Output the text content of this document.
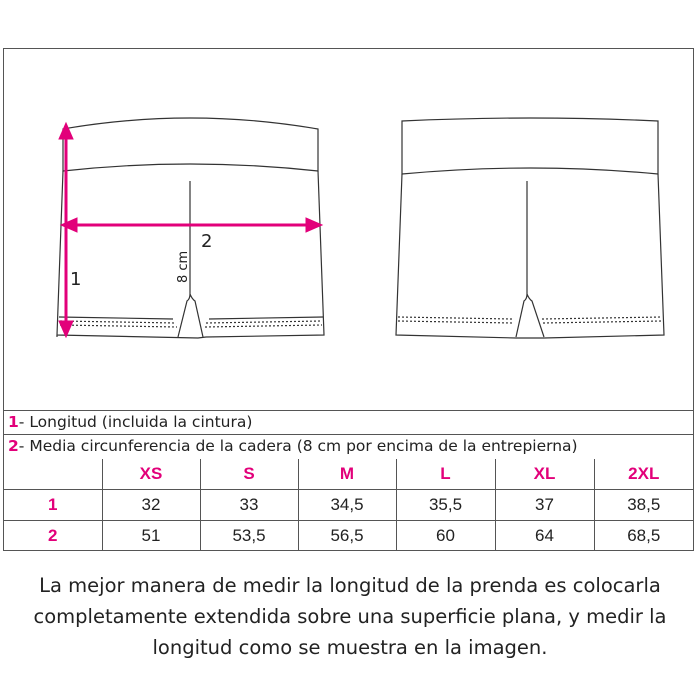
1
2
8 cm
1- Longitud (incluida la cintura)
2- Media circunferencia de la cadera (8 cm por encima de la entrepierna)
	XS	S	M	L	XL	2XL
1	32	33	34,5	35,5	37	38,5
2	51	53,5	56,5	60	64	68,5
La mejor manera de medir la longitud de la prenda es colocarla
completamente extendida sobre una superficie plana, y medir la
longitud como se muestra en la imagen.
